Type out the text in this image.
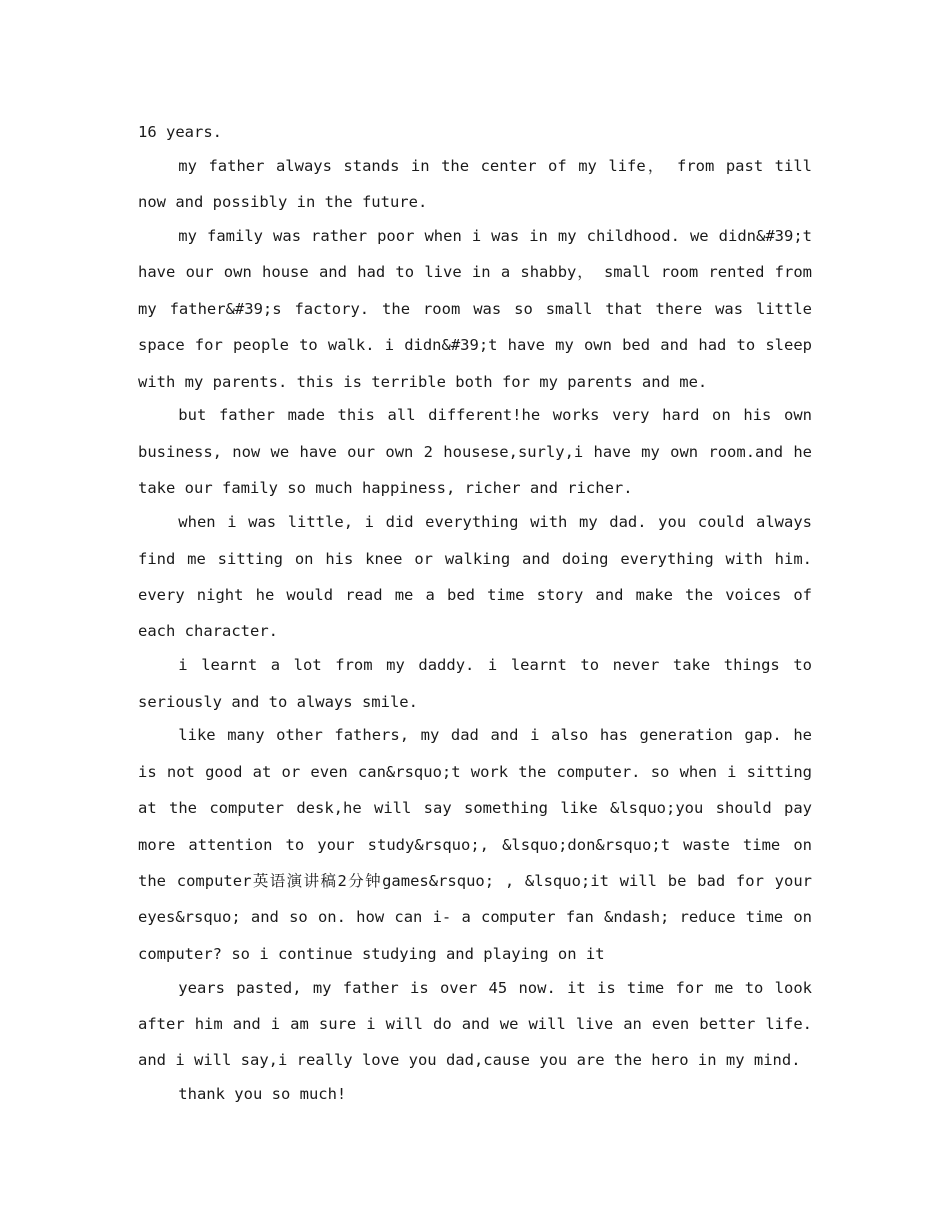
16 years.

my father always stands in the center of my life， from past till now and possibly in the future.

my family was rather poor when i was in my childhood. we didn&#39;t have our own house and had to live in a shabby， small room rented from my father&#39;s factory. the room was so small that there was little space for people to walk. i didn&#39;t have my own bed and had to sleep with my parents. this is terrible both for my parents and me.

but father made this all different!he works very hard on his own business, now we have our own 2 housese,surly,i have my own room.and he take our family so much happiness, richer and richer.

when i was little, i did everything with my dad. you could always find me sitting on his knee or walking and doing everything with him. every night he would read me a bed time story and make the voices of each character.

i learnt a lot from my daddy. i learnt to never take things to seriously and to always smile.

like many other fathers, my dad and i also has generation gap. he is not good at or even can&rsquo;t work the computer. so when i sitting at the computer desk,he will say something like &lsquo;you should pay more attention to your study&rsquo;, &lsquo;don&rsquo;t waste time on the computer英语演讲稿2分钟games&rsquo; , &lsquo;it will be bad for your eyes&rsquo; and so on. how can i- a computer fan &ndash; reduce time on computer? so i continue studying and playing on it

years pasted, my father is over 45 now. it is time for me to look after him and i am sure i will do and we will live an even better life. and i will say,i really love you dad,cause you are the hero in my mind.

thank you so much!
